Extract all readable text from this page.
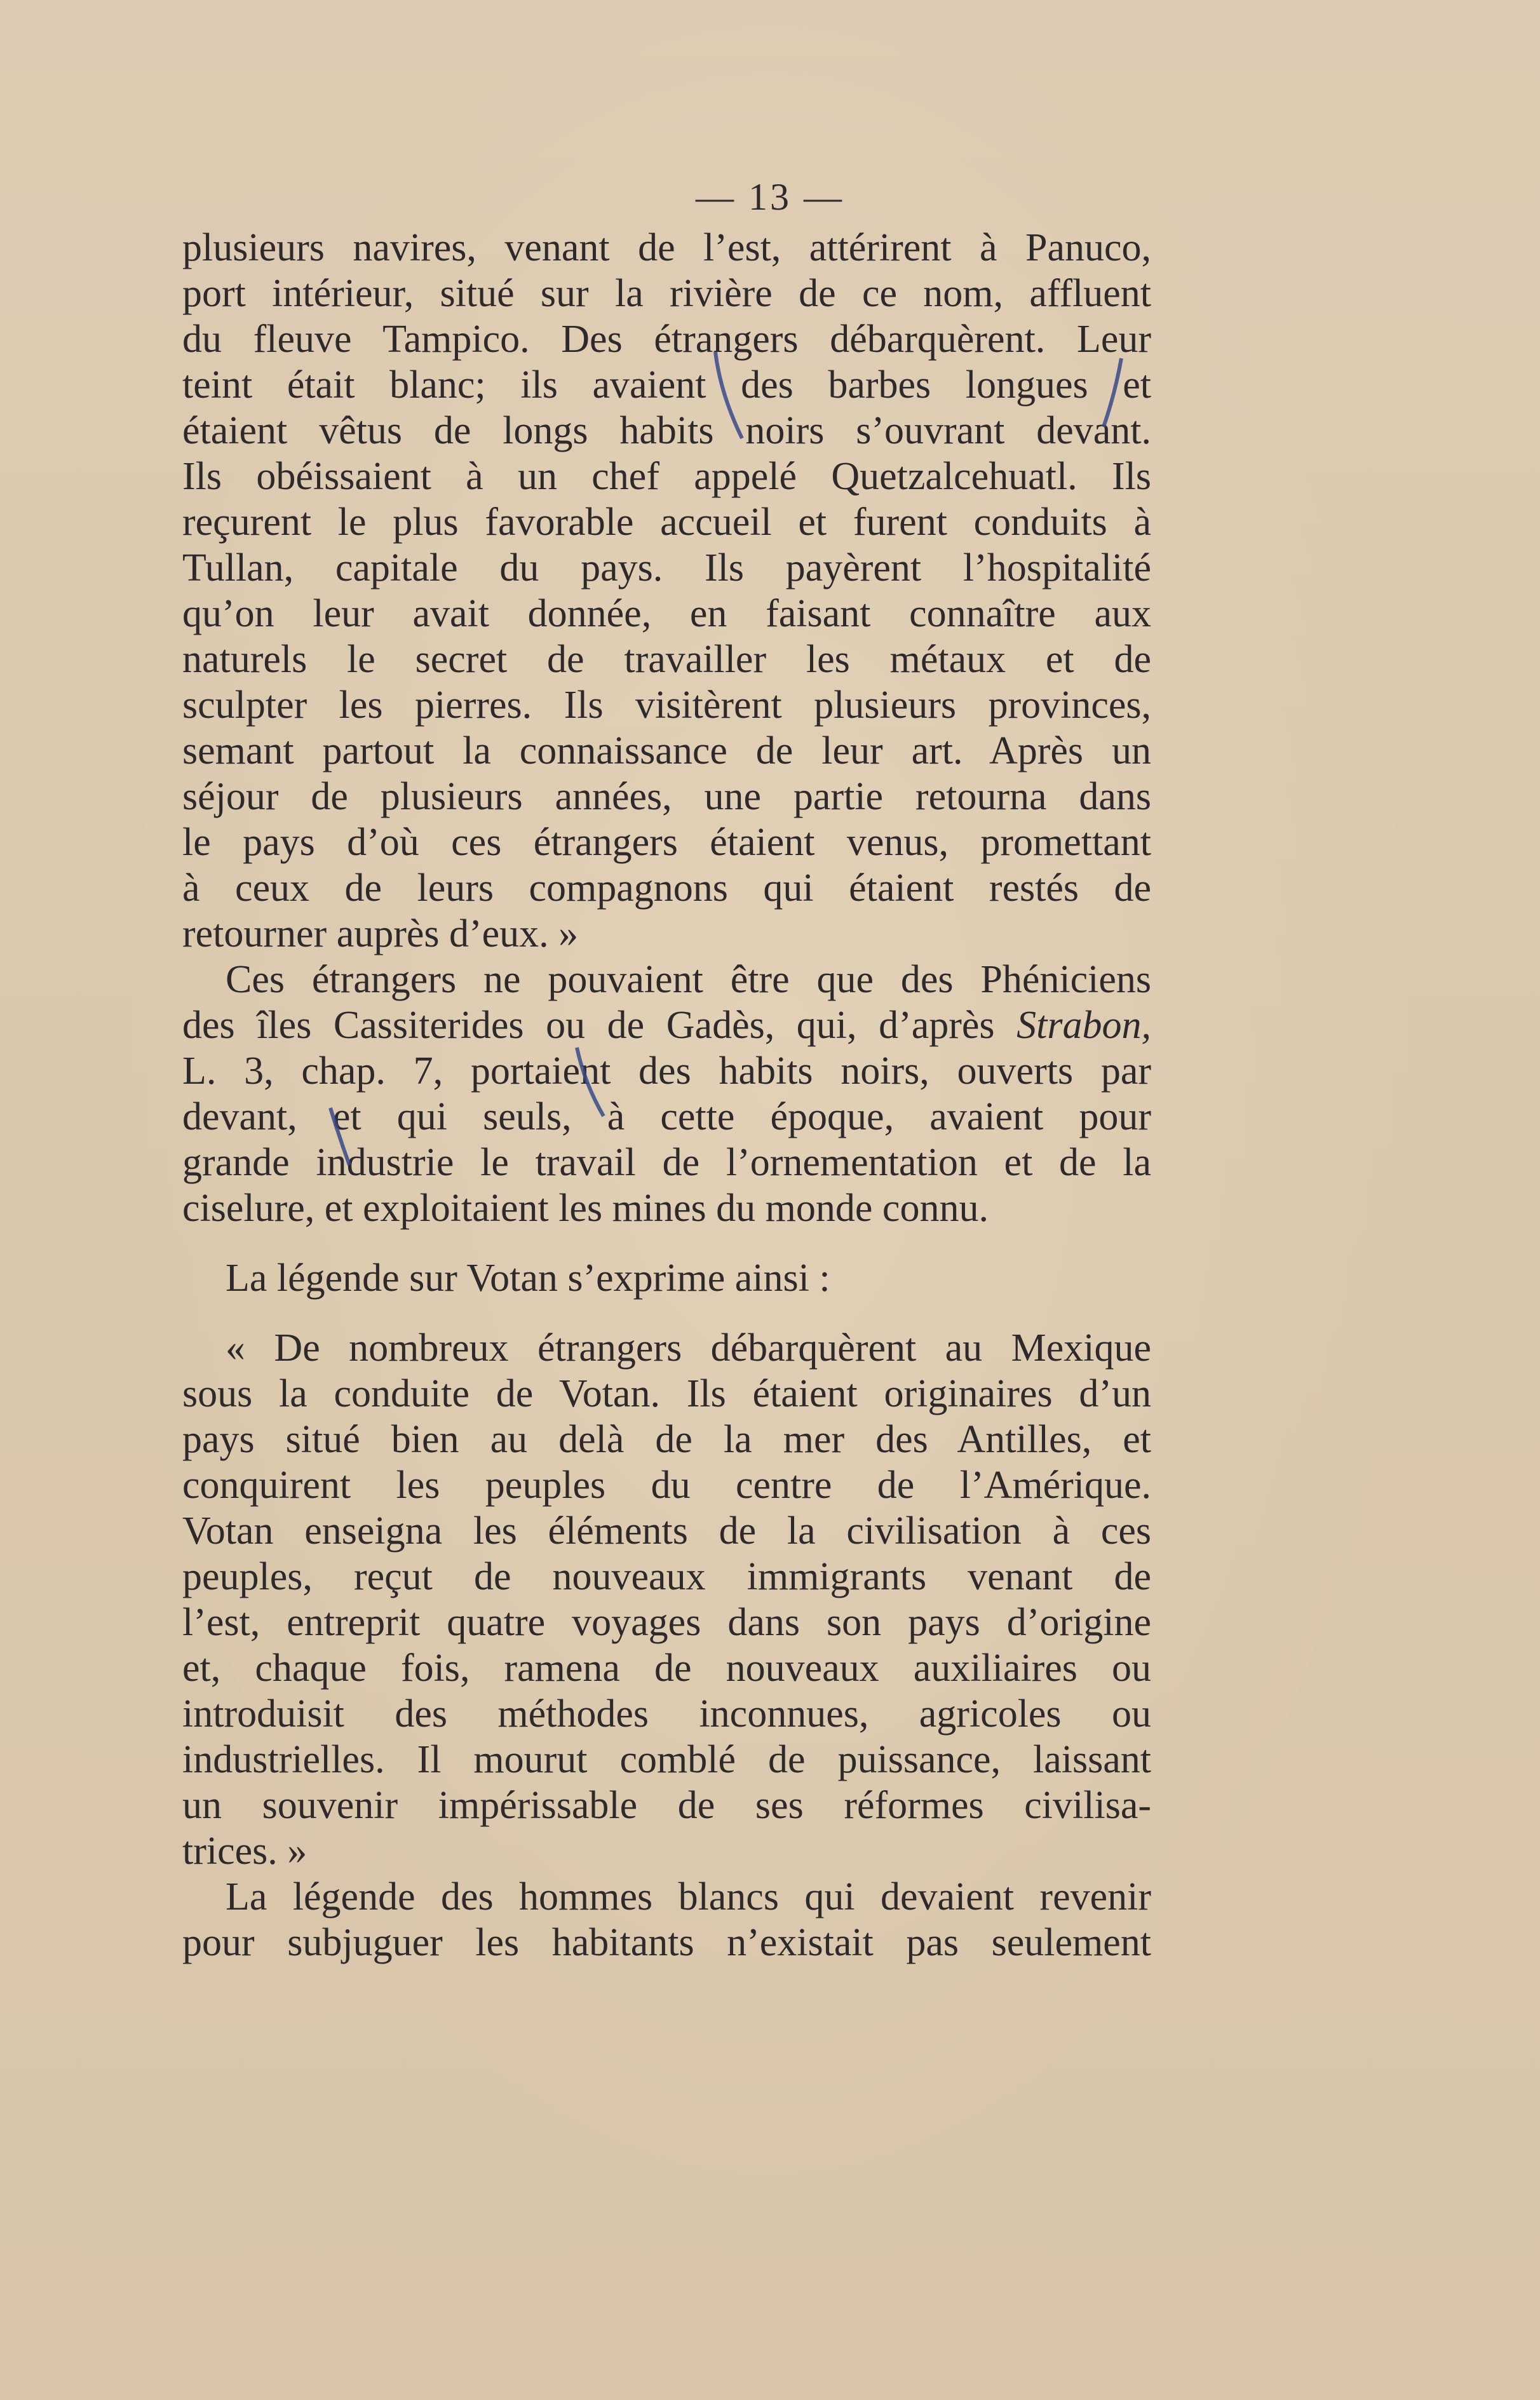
— 13 —
plusieurs navires, venant de l’est, attérirent à Panuco,
port intérieur, situé sur la rivière de ce nom, affluent
du fleuve Tampico. Des étrangers débarquèrent. Leur
teint était blanc; ils avaient des barbes longues et
étaient vêtus de longs habits noirs s’ouvrant devant.
Ils obéissaient à un chef appelé Quetzalcehuatl. Ils
reçurent le plus favorable accueil et furent conduits à
Tullan, capitale du pays. Ils payèrent l’hospitalité
qu’on leur avait donnée, en faisant connaître aux
naturels le secret de travailler les métaux et de
sculpter les pierres. Ils visitèrent plusieurs provinces,
semant partout la connaissance de leur art. Après un
séjour de plusieurs années, une partie retourna dans
le pays d’où ces étrangers étaient venus, promettant
à ceux de leurs compagnons qui étaient restés de
retourner auprès d’eux. »
Ces étrangers ne pouvaient être que des Phéniciens
des îles Cassiterides ou de Gadès, qui, d’après Strabon,
L. 3, chap. 7, portaient des habits noirs, ouverts par
devant, et qui seuls, à cette époque, avaient pour
grande industrie le travail de l’ornementation et de la
ciselure, et exploitaient les mines du monde connu.
La légende sur Votan s’exprime ainsi :
« De nombreux étrangers débarquèrent au Mexique
sous la conduite de Votan. Ils étaient originaires d’un
pays situé bien au delà de la mer des Antilles, et
conquirent les peuples du centre de l’Amérique.
Votan enseigna les éléments de la civilisation à ces
peuples, reçut de nouveaux immigrants venant de
l’est, entreprit quatre voyages dans son pays d’origine
et, chaque fois, ramena de nouveaux auxiliaires ou
introduisit des méthodes inconnues, agricoles ou
industrielles. Il mourut comblé de puissance, laissant
un souvenir impérissable de ses réformes civilisa-
trices. »
La légende des hommes blancs qui devaient revenir
pour subjuguer les habitants n’existait pas seulement
